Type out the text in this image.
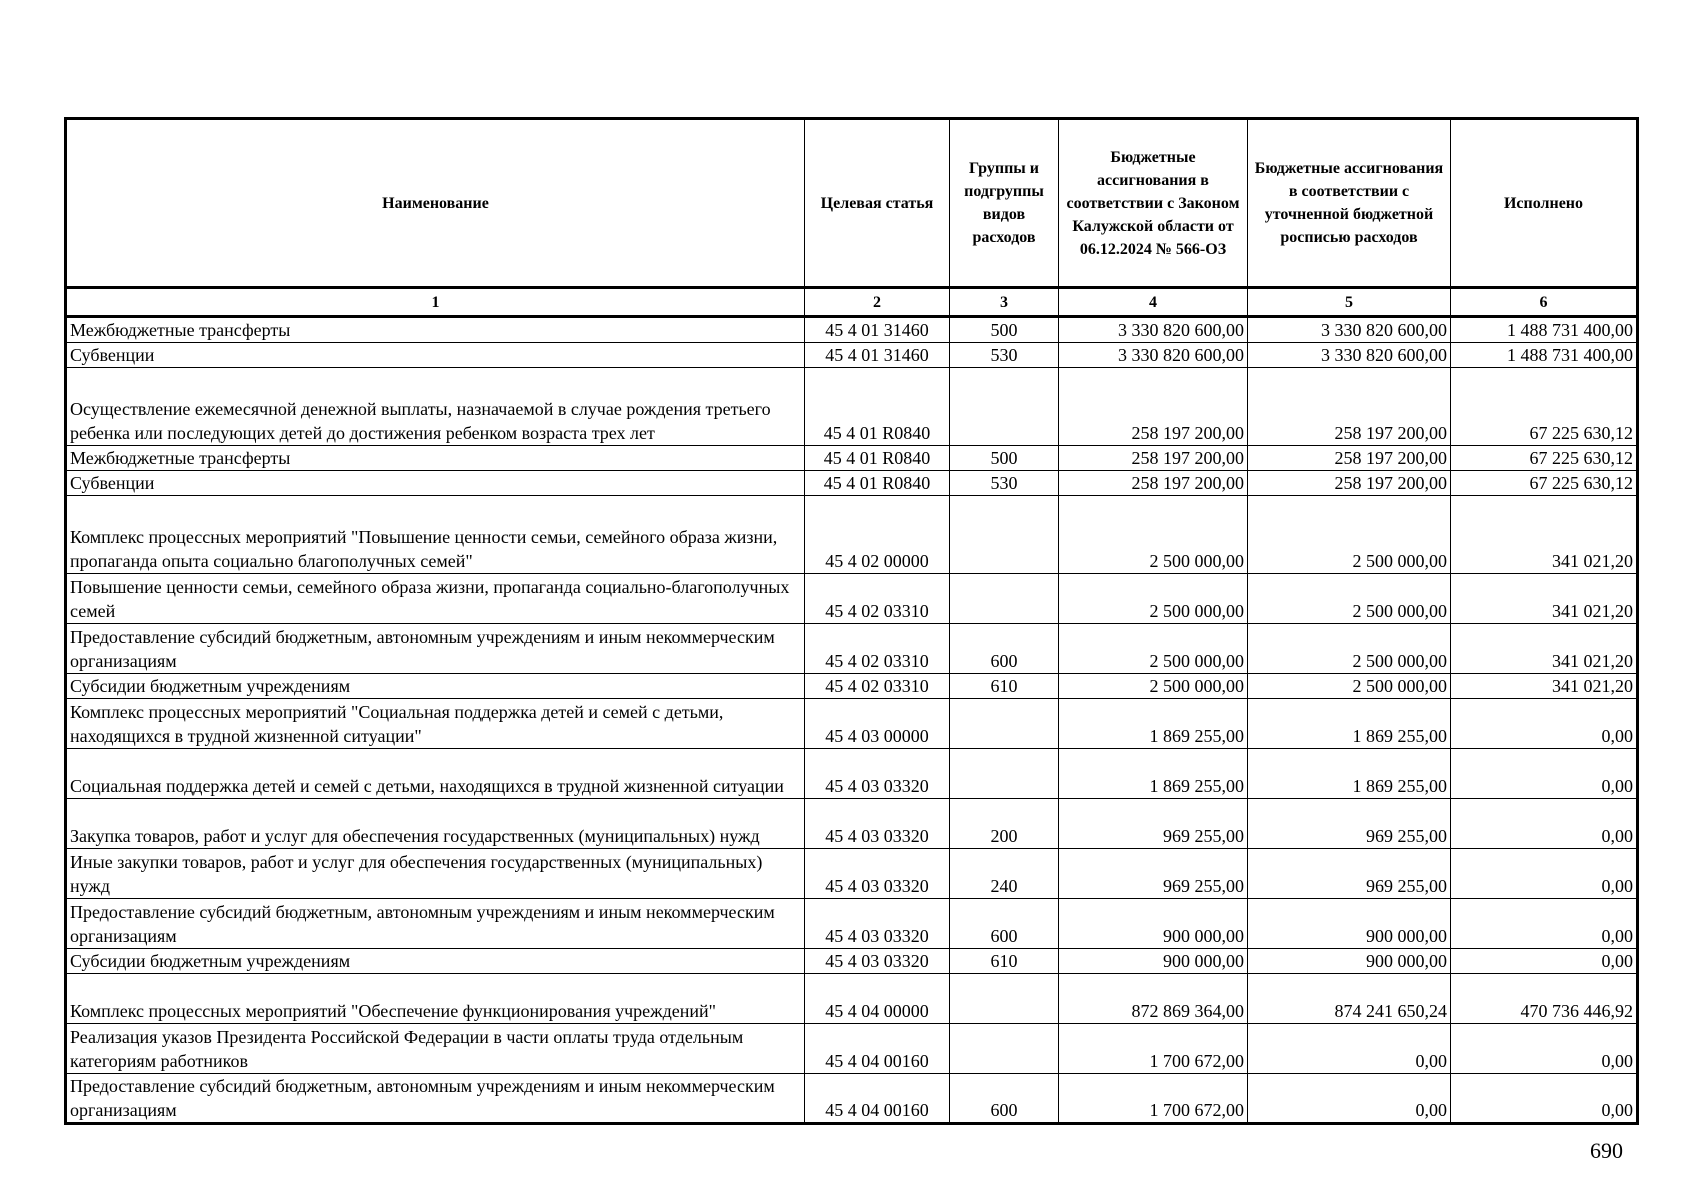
Наименование	Целевая статья	Группы и подгруппы видов расходов	Бюджетные ассигнования в соответствии с Законом Калужской области от 06.12.2024 № 566-ОЗ	Бюджетные ассигнования в соответствии с уточненной бюджетной росписью расходов	Исполнено
1	2	3	4	5	6
Межбюджетные трансферты	45 4 01 31460	500	3 330 820 600,00	3 330 820 600,00	1 488 731 400,00
Субвенции	45 4 01 31460	530	3 330 820 600,00	3 330 820 600,00	1 488 731 400,00
Осуществление ежемесячной денежной выплаты, назначаемой в случае рождения третьего ребенка или последующих детей до достижения ребенком возраста трех лет	45 4 01 R0840		258 197 200,00	258 197 200,00	67 225 630,12
Межбюджетные трансферты	45 4 01 R0840	500	258 197 200,00	258 197 200,00	67 225 630,12
Субвенции	45 4 01 R0840	530	258 197 200,00	258 197 200,00	67 225 630,12
Комплекс процессных мероприятий "Повышение ценности семьи, семейного образа жизни, пропаганда опыта социально благополучных семей"	45 4 02 00000		2 500 000,00	2 500 000,00	341 021,20
Повышение ценности семьи, семейного образа жизни, пропаганда социально-благополучных семей	45 4 02 03310		2 500 000,00	2 500 000,00	341 021,20
Предоставление субсидий бюджетным, автономным учреждениям и иным некоммерческим организациям	45 4 02 03310	600	2 500 000,00	2 500 000,00	341 021,20
Субсидии бюджетным учреждениям	45 4 02 03310	610	2 500 000,00	2 500 000,00	341 021,20
Комплекс процессных мероприятий "Социальная поддержка детей и семей с детьми, находящихся в трудной жизненной ситуации"	45 4 03 00000		1 869 255,00	1 869 255,00	0,00
Социальная поддержка детей и семей с детьми, находящихся в трудной жизненной ситуации	45 4 03 03320		1 869 255,00	1 869 255,00	0,00
Закупка товаров, работ и услуг для обеспечения государственных (муниципальных) нужд	45 4 03 03320	200	969 255,00	969 255,00	0,00
Иные закупки товаров, работ и услуг для обеспечения государственных (муниципальных) нужд	45 4 03 03320	240	969 255,00	969 255,00	0,00
Предоставление субсидий бюджетным, автономным учреждениям и иным некоммерческим организациям	45 4 03 03320	600	900 000,00	900 000,00	0,00
Субсидии бюджетным учреждениям	45 4 03 03320	610	900 000,00	900 000,00	0,00
Комплекс процессных мероприятий "Обеспечение функционирования учреждений"	45 4 04 00000		872 869 364,00	874 241 650,24	470 736 446,92
Реализация указов Президента Российской Федерации в части оплаты труда отдельным категориям работников	45 4 04 00160		1 700 672,00	0,00	0,00
Предоставление субсидий бюджетным, автономным учреждениям и иным некоммерческим организациям	45 4 04 00160	600	1 700 672,00	0,00	0,00
690
